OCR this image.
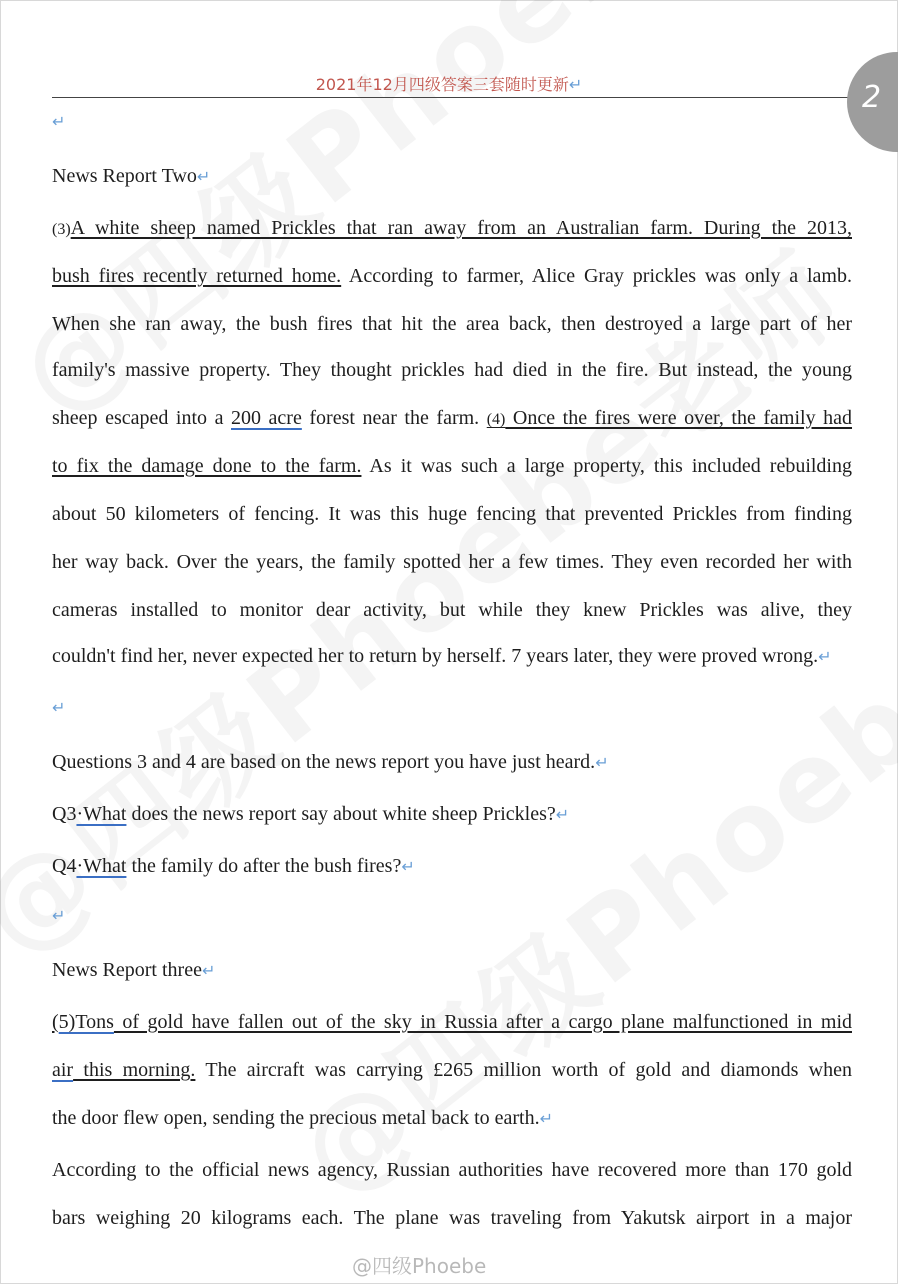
2021年12月四级答案三套随时更新↵	2
↵
News Report Two↵
(3)A white sheep named Prickles that ran away from an Australian farm. During the 2013,
bush fires recently returned home. According to farmer, Alice Gray prickles was only a lamb.
When she ran away, the bush fires that hit the area back, then destroyed a large part of her
family's massive property. They thought prickles had died in the fire. But instead, the young
sheep escaped into a 200 acre forest near the farm. (4) Once the fires were over, the family had
to fix the damage done to the farm. As it was such a large property, this included rebuilding
about 50 kilometers of fencing. It was this huge fencing that prevented Prickles from finding
her way back. Over the years, the family spotted her a few times. They even recorded her with
cameras installed to monitor dear activity, but while they knew Prickles was alive, they
couldn't find her, never expected her to return by herself. 7 years later, they were proved wrong.↵
↵
Questions 3 and 4 are based on the news report you have just heard.↵
Q3·What does the news report say about white sheep Prickles?↵
Q4·What the family do after the bush fires?↵
↵
News Report three↵
(5)Tons of gold have fallen out of the sky in Russia after a cargo plane malfunctioned in mid
air this morning. The aircraft was carrying £265 million worth of gold and diamonds when
the door flew open, sending the precious metal back to earth.↵
According to the official news agency, Russian authorities have recovered more than 170 gold
bars weighing 20 kilograms each. The plane was traveling from Yakutsk airport in a major
@四级Phoebe
